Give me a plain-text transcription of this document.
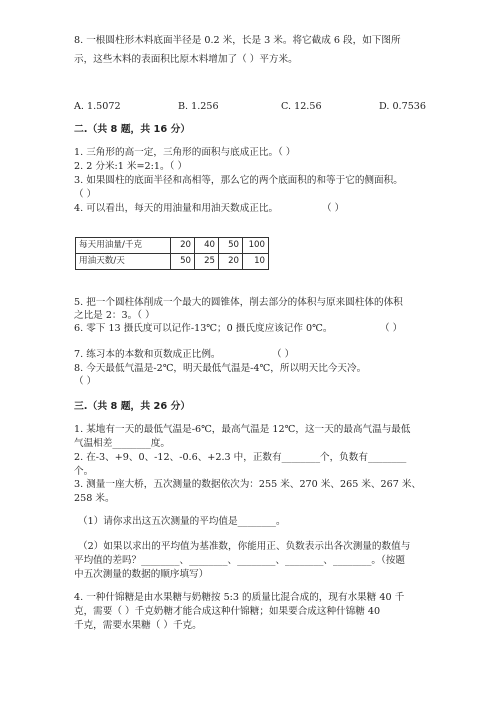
8. 一根圆柱形木料底面半径是 0.2 米，长是 3 米。将它截成 6 段，如下图所
示，这些木料的表面积比原木料增加了（ ）平方米。
A. 1.5072	B. 1.256	C. 12.56	D. 0.7536
二.（共 8 题，共 16 分）
1. 三角形的高一定，三角形的面积与底成正比。（ ）
2. 2 分米:1 米=2:1。（ ）
3. 如果圆柱的底面半径和高相等，那么它的两个底面积的和等于它的侧面积。
（ ）
4. 可以看出，每天的用油量和用油天数成正比。	（ ）
每天用油量/千克	20	40	50	100
用油天数/天	50	25	20	10
5. 把一个圆柱体削成一个最大的圆锥体，削去部分的体积与原来圆柱体的体积
之比是 2：3。（ ）
6. 零下 13 摄氏度可以记作-13℃；0 摄氏度应该记作 0℃。	（ ）
7. 练习本的本数和页数成正比例。	（ ）
8. 今天最低气温是-2℃，明天最低气温是-4℃，所以明天比今天冷。
（ ）
三.（共 8 题，共 26 分）
1. 某地有一天的最低气温是-6℃，最高气温是 12℃，这一天的最高气温与最低
气温相差________度。
2. 在-3、+9、0、-12、-0.6、+2.3 中，正数有________个，负数有________
个。
3. 测量一座大桥，五次测量的数据依次为：255 米、270 米、265 米、267 米、
258 米。
（1）请你求出这五次测量的平均值是________。
（2）如果以求出的平均值为基准数，你能用正、负数表示出各次测量的数值与
平均值的差吗？________、________、________、________、________。（按题
中五次测量的数据的顺序填写）
4. 一种什锦糖是由水果糖与奶糖按 5:3 的质量比混合成的，现有水果糖 40 千
克，需要（ ）千克奶糖才能合成这种什锦糖；如果要合成这种什锦糖 40
千克，需要水果糖（ ）千克。
